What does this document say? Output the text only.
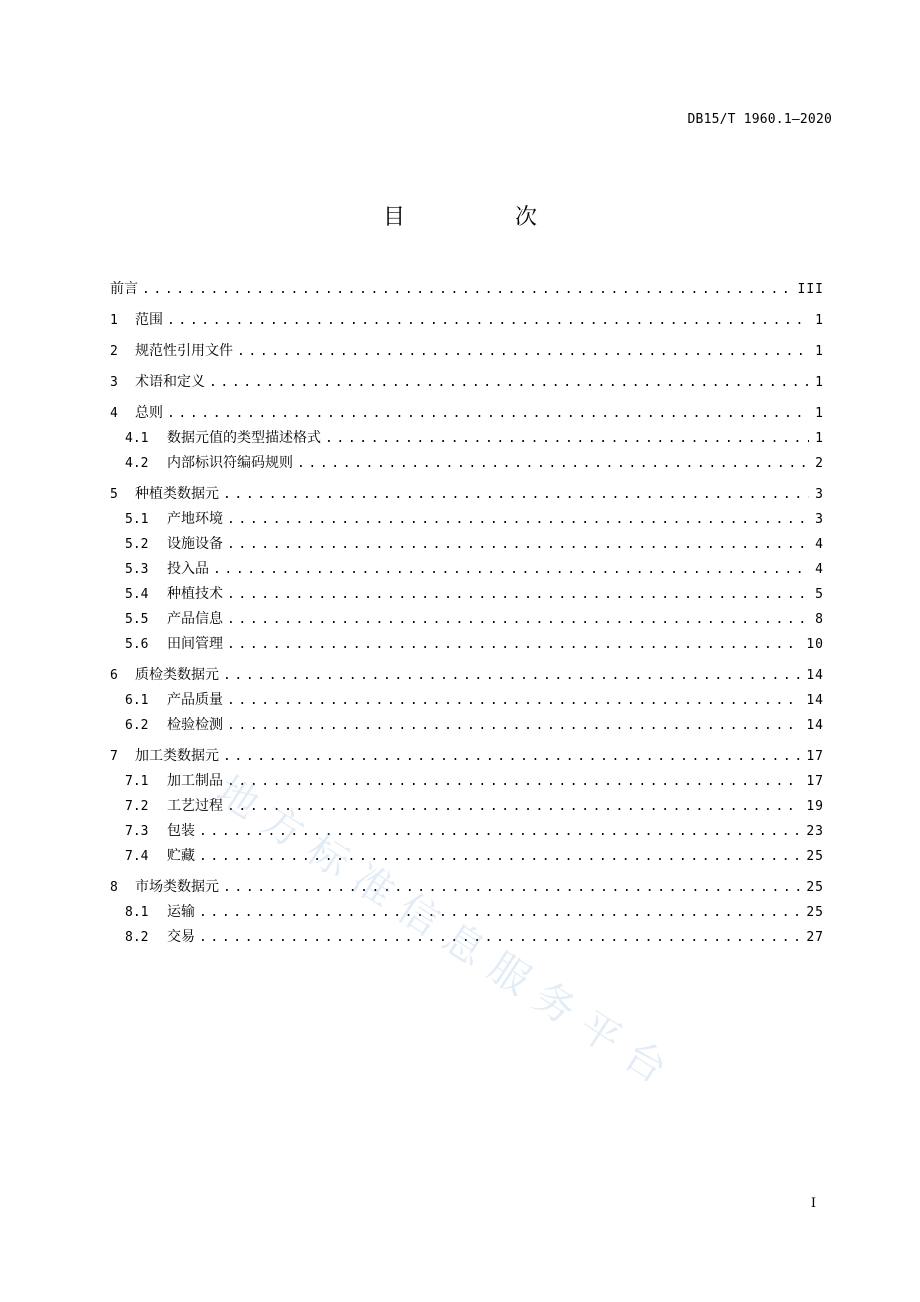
DB15/T 1960.1—2020
目　次
前言 .....	III
1	范围 .....	1
2	规范性引用文件 .....	1
3	术语和定义 .....	1
4	总则 .....	1
4.1	数据元值的类型描述格式 .....	1
4.2	内部标识符编码规则 .....	2
5	种植类数据元 .....	3
5.1	产地环境 .....	3
5.2	设施设备 .....	4
5.3	投入品 .....	4
5.4	种植技术 .....	5
5.5	产品信息 .....	8
5.6	田间管理 .....	10
6	质检类数据元 .....	14
6.1	产品质量 .....	14
6.2	检验检测 .....	14
7	加工类数据元 .....	17
7.1	加工制品 .....	17
7.2	工艺过程 .....	19
7.3	包装 .....	23
7.4	贮藏 .....	25
8	市场类数据元 .....	25
8.1	运输 .....	25
8.2	交易 .....	27
I
地方标准信息服务平台
